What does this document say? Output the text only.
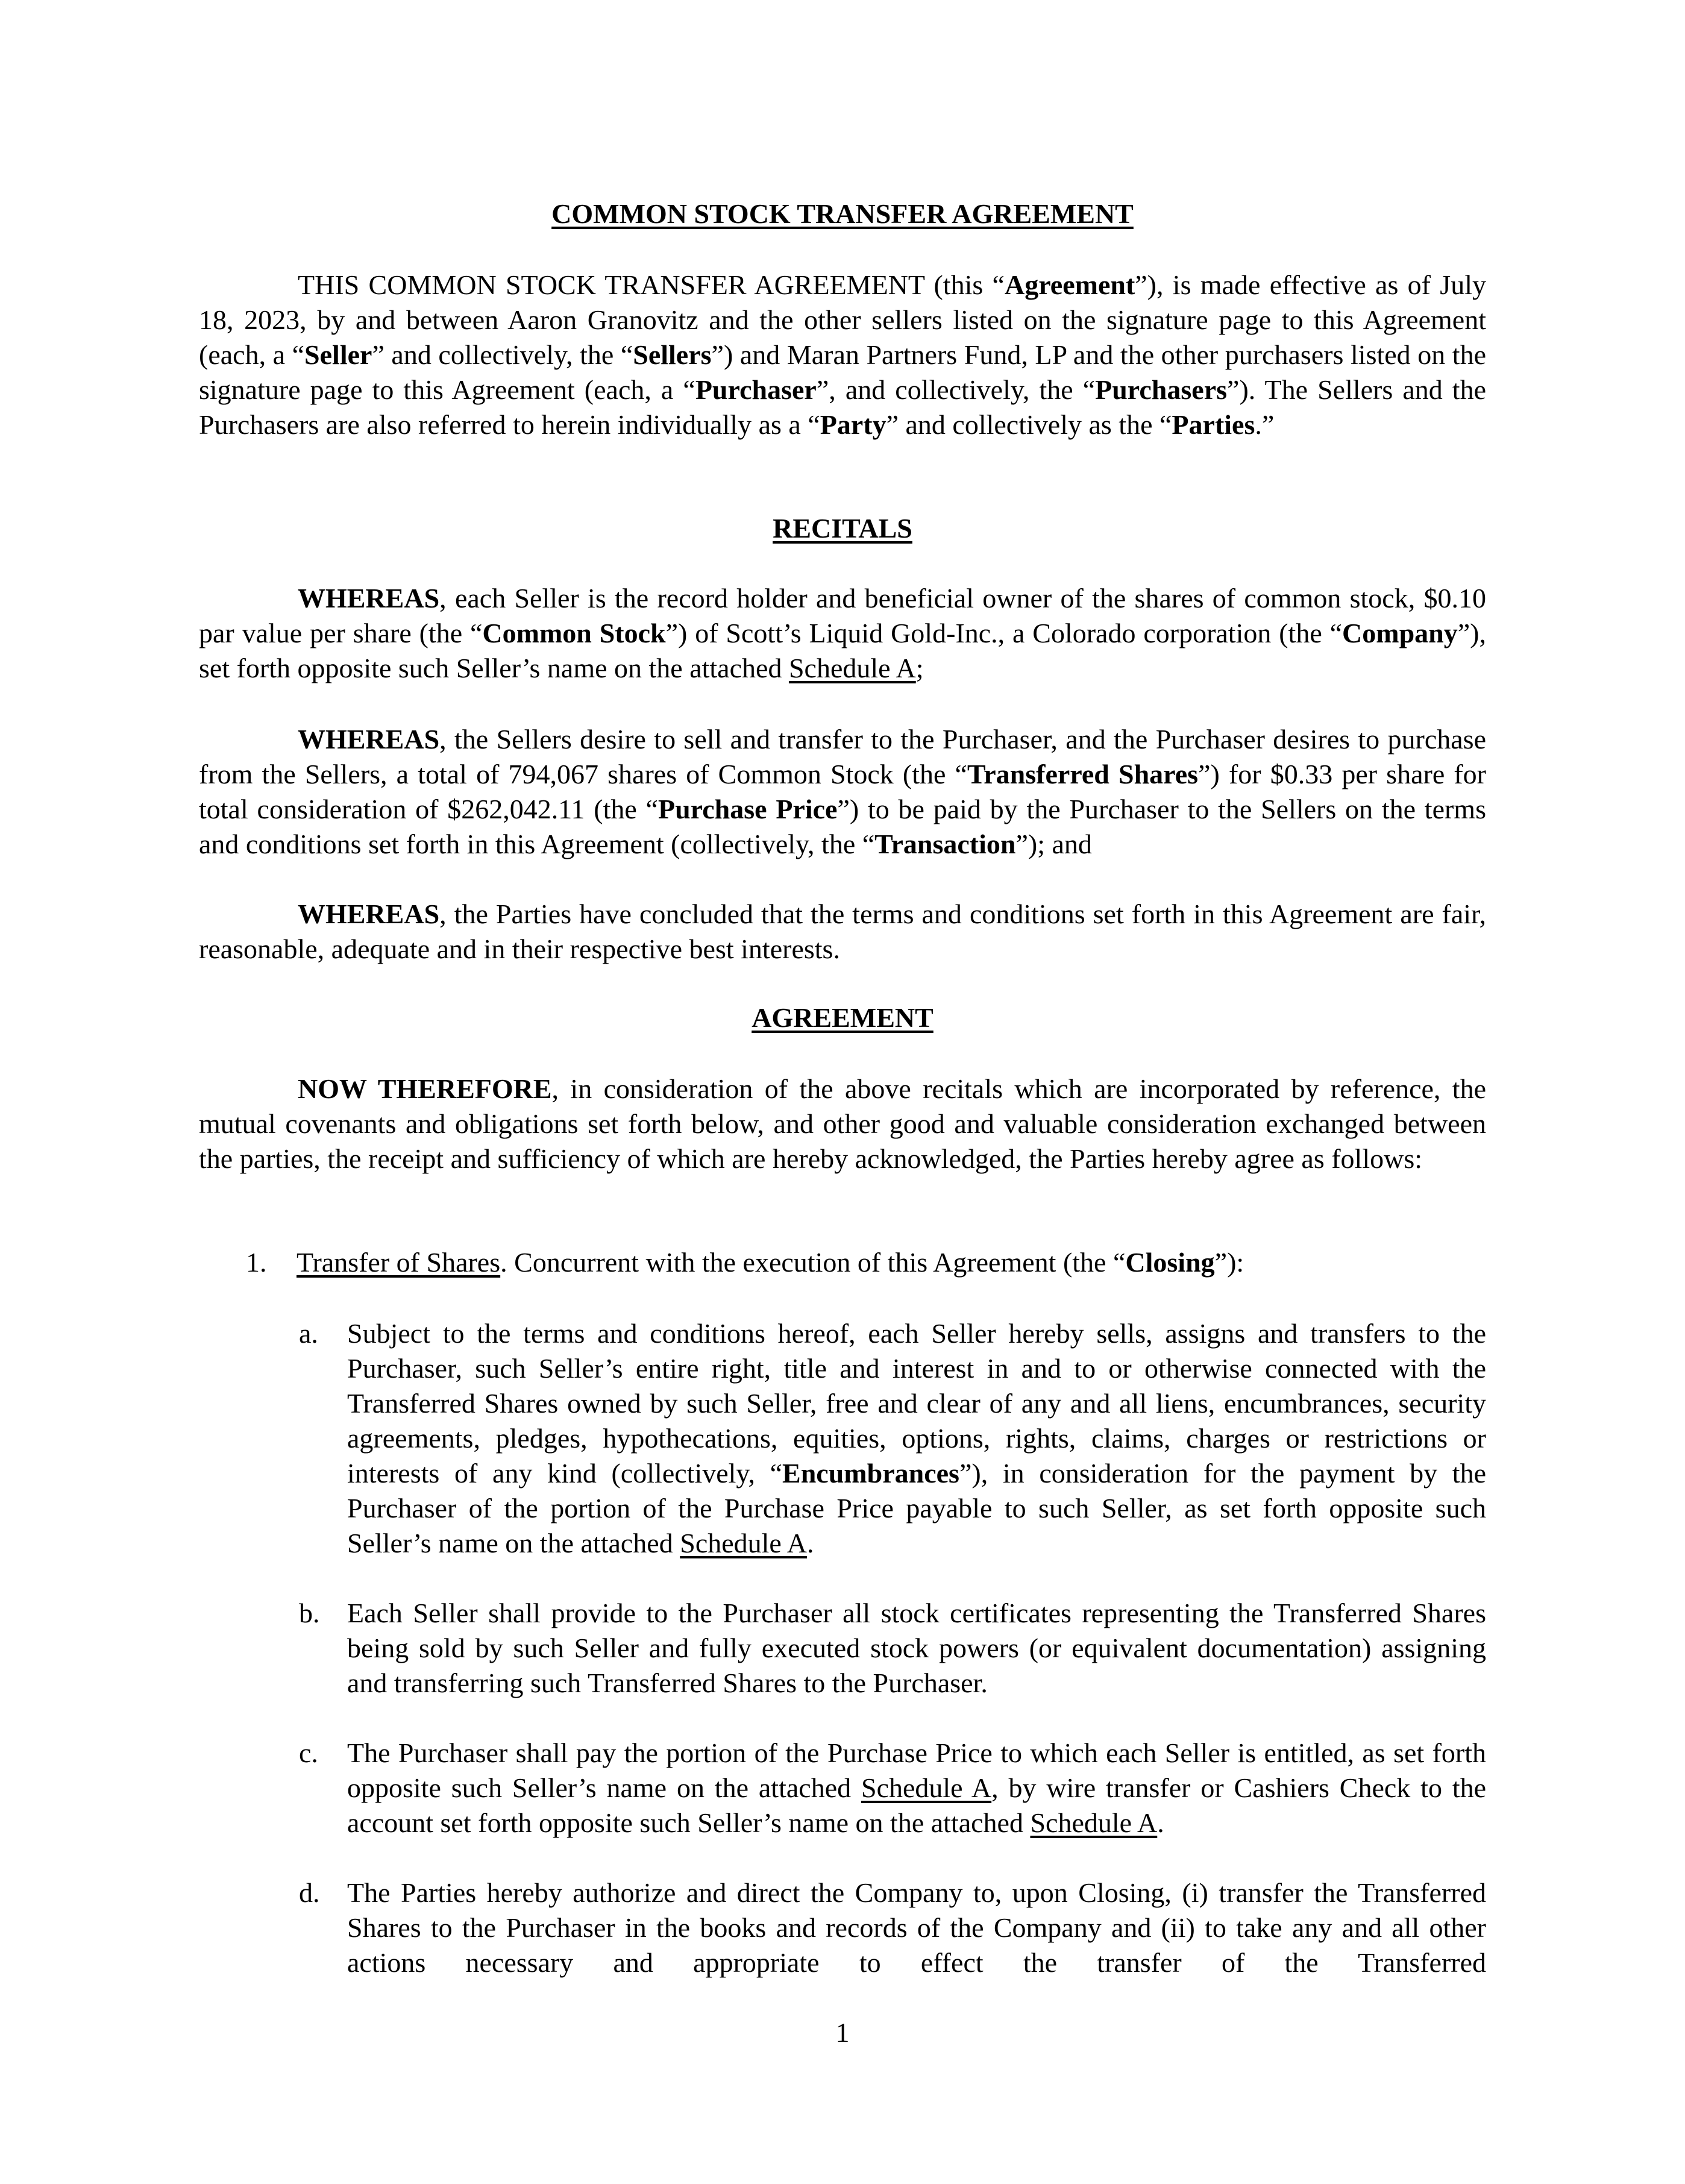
COMMON STOCK TRANSFER AGREEMENT

THIS COMMON STOCK TRANSFER AGREEMENT (this “Agreement”), is made effective as of July 18, 2023, by and between Aaron Granovitz and the other sellers listed on the signature page to this Agreement (each, a “Seller” and collectively, the “Sellers”) and Maran Partners Fund, LP and the other purchasers listed on the signature page to this Agreement (each, a “Purchaser”, and collectively, the “Purchasers”). The Sellers and the Purchasers are also referred to herein individually as a “Party” and collectively as the “Parties.”

RECITALS

WHEREAS, each Seller is the record holder and beneficial owner of the shares of common stock, $0.10 par value per share (the “Common Stock”) of Scott’s Liquid Gold-Inc., a Colorado corporation (the “Company”), set forth opposite such Seller’s name on the attached Schedule A;

WHEREAS, the Sellers desire to sell and transfer to the Purchaser, and the Purchaser desires to purchase from the Sellers, a total of 794,067 shares of Common Stock (the “Transferred Shares”) for $0.33 per share for total consideration of $262,042.11 (the “Purchase Price”) to be paid by the Purchaser to the Sellers on the terms and conditions set forth in this Agreement (collectively, the “Transaction”); and

WHEREAS, the Parties have concluded that the terms and conditions set forth in this Agreement are fair, reasonable, adequate and in their respective best interests.

AGREEMENT

NOW THEREFORE, in consideration of the above recitals which are incorporated by reference, the mutual covenants and obligations set forth below, and other good and valuable consideration exchanged between the parties, the receipt and sufficiency of which are hereby acknowledged, the Parties hereby agree as follows:

1. Transfer of Shares. Concurrent with the execution of this Agreement (the “Closing”):
a. Subject to the terms and conditions hereof, each Seller hereby sells, assigns and transfers to the Purchaser, such Seller’s entire right, title and interest in and to or otherwise connected with the Transferred Shares owned by such Seller, free and clear of any and all liens, encumbrances, security agreements, pledges, hypothecations, equities, options, rights, claims, charges or restrictions or interests of any kind (collectively, “Encumbrances”), in consideration for the payment by the Purchaser of the portion of the Purchase Price payable to such Seller, as set forth opposite such Seller’s name on the attached Schedule A.

b. Each Seller shall provide to the Purchaser all stock certificates representing the Transferred Shares being sold by such Seller and fully executed stock powers (or equivalent documentation) assigning and transferring such Transferred Shares to the Purchaser.

c. The Purchaser shall pay the portion of the Purchase Price to which each Seller is entitled, as set forth opposite such Seller’s name on the attached Schedule A, by wire transfer or Cashiers Check to the account set forth opposite such Seller’s name on the attached Schedule A.

d. The Parties hereby authorize and direct the Company to, upon Closing, (i) transfer the Transferred Shares to the Purchaser in the books and records of the Company and (ii) to take any and all other actions necessary and appropriate to effect the transfer of the Transferred

1
